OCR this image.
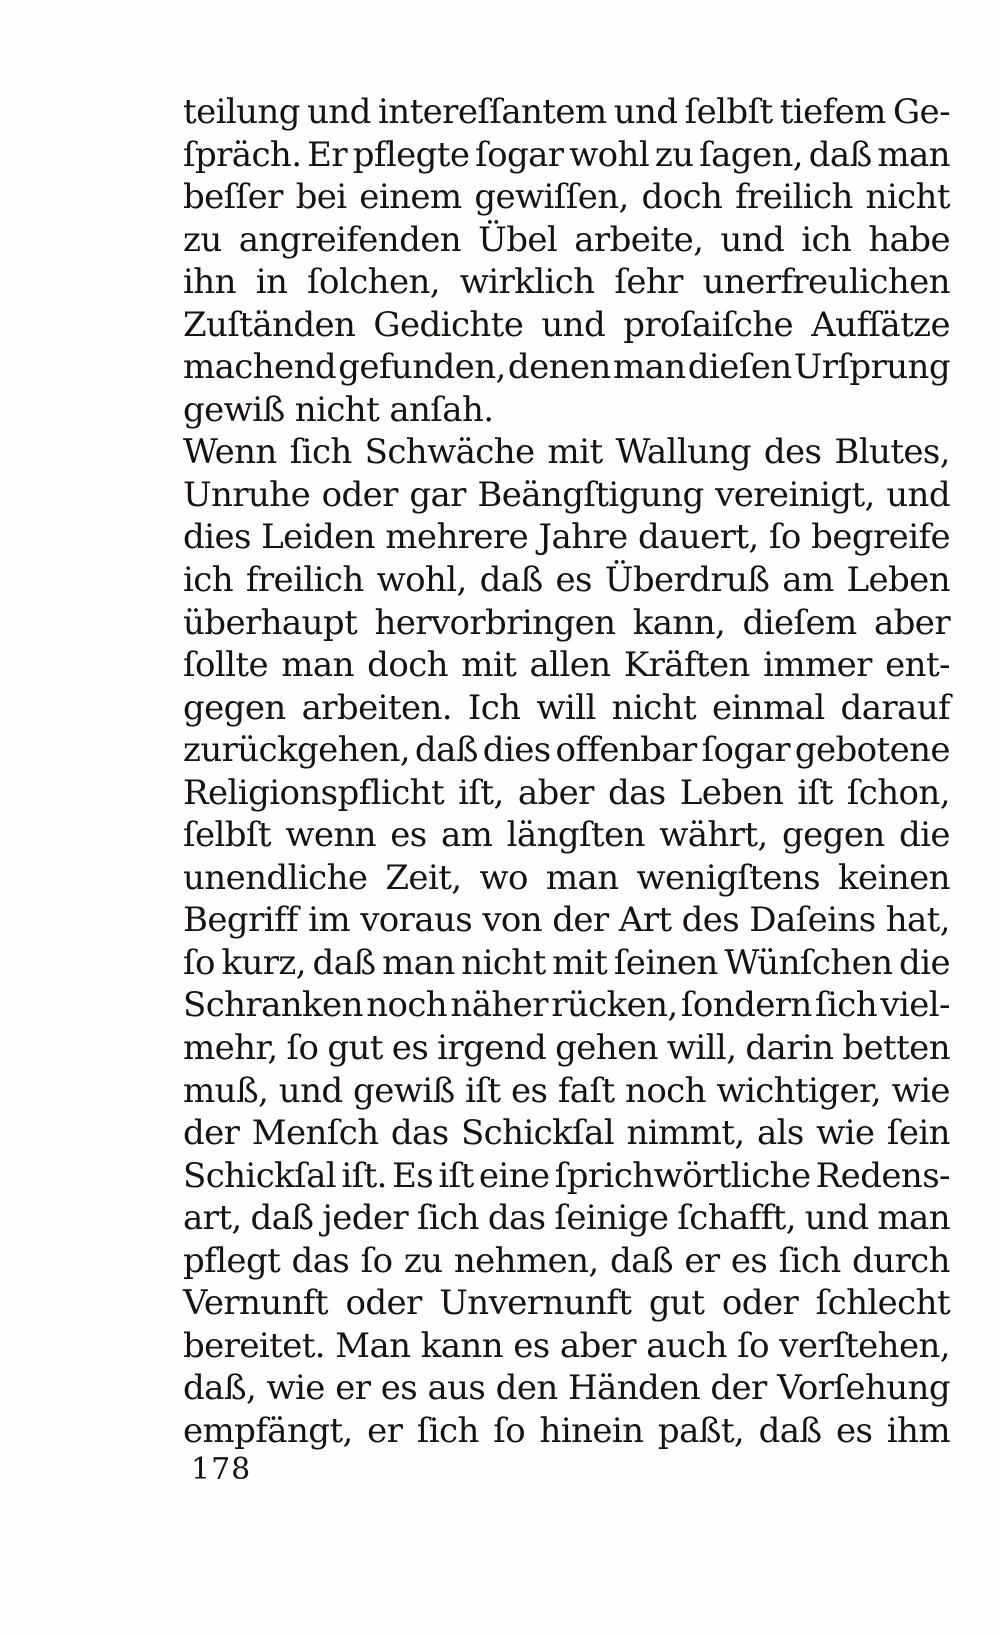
teilung und intereſſantem und ſelbſt tiefem Ge-
ſpräch. Er pflegte ſogar wohl zu ſagen, daß man
beſſer bei einem gewiſſen, doch freilich nicht
zu angreifenden Übel arbeite, und ich habe
ihn in ſolchen, wirklich ſehr unerfreulichen
Zuſtänden Gedichte und proſaiſche Aufſätze
machend gefunden, denen man dieſen Urſprung
gewiß nicht anſah.
Wenn ſich Schwäche mit Wallung des Blutes,
Unruhe oder gar Beängſtigung vereinigt, und
dies Leiden mehrere Jahre dauert, ſo begreife
ich freilich wohl, daß es Überdruß am Leben
überhaupt hervorbringen kann, dieſem aber
ſollte man doch mit allen Kräften immer ent-
gegen arbeiten. Ich will nicht einmal darauf
zurückgehen, daß dies offenbar ſogar gebotene
Religionspflicht iſt, aber das Leben iſt ſchon,
ſelbſt wenn es am längſten währt, gegen die
unendliche Zeit, wo man wenigſtens keinen
Begriff im voraus von der Art des Daſeins hat,
ſo kurz, daß man nicht mit ſeinen Wünſchen die
Schranken noch näher rücken, ſondern ſich viel-
mehr, ſo gut es irgend gehen will, darin betten
muß, und gewiß iſt es faſt noch wichtiger, wie
der Menſch das Schickſal nimmt, als wie ſein
Schickſal iſt. Es iſt eine ſprichwörtliche Redens-
art, daß jeder ſich das ſeinige ſchafft, und man
pflegt das ſo zu nehmen, daß er es ſich durch
Vernunft oder Unvernunft gut oder ſchlecht
bereitet. Man kann es aber auch ſo verſtehen,
daß, wie er es aus den Händen der Vorſehung
empfängt, er ſich ſo hinein paßt, daß es ihm
178
